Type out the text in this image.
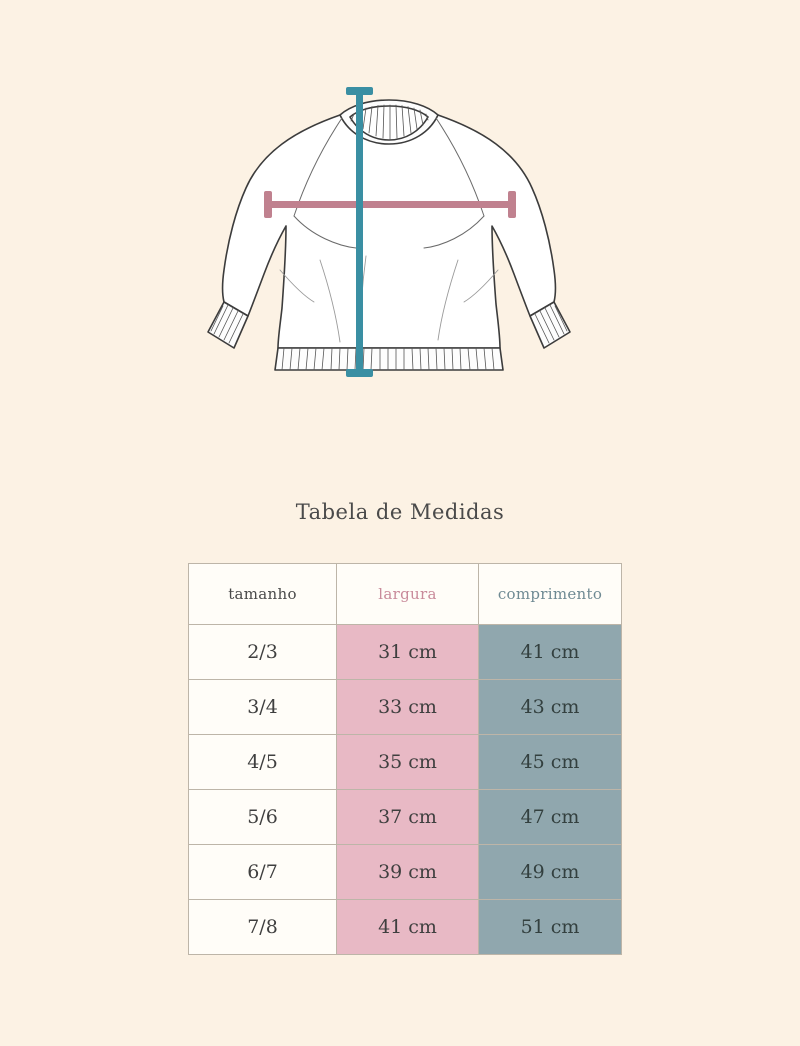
Tabela de Medidas
tamanho	largura	comprimento
2/3	31 cm	41 cm
3/4	33 cm	43 cm
4/5	35 cm	45 cm
5/6	37 cm	47 cm
6/7	39 cm	49 cm
7/8	41 cm	51 cm
